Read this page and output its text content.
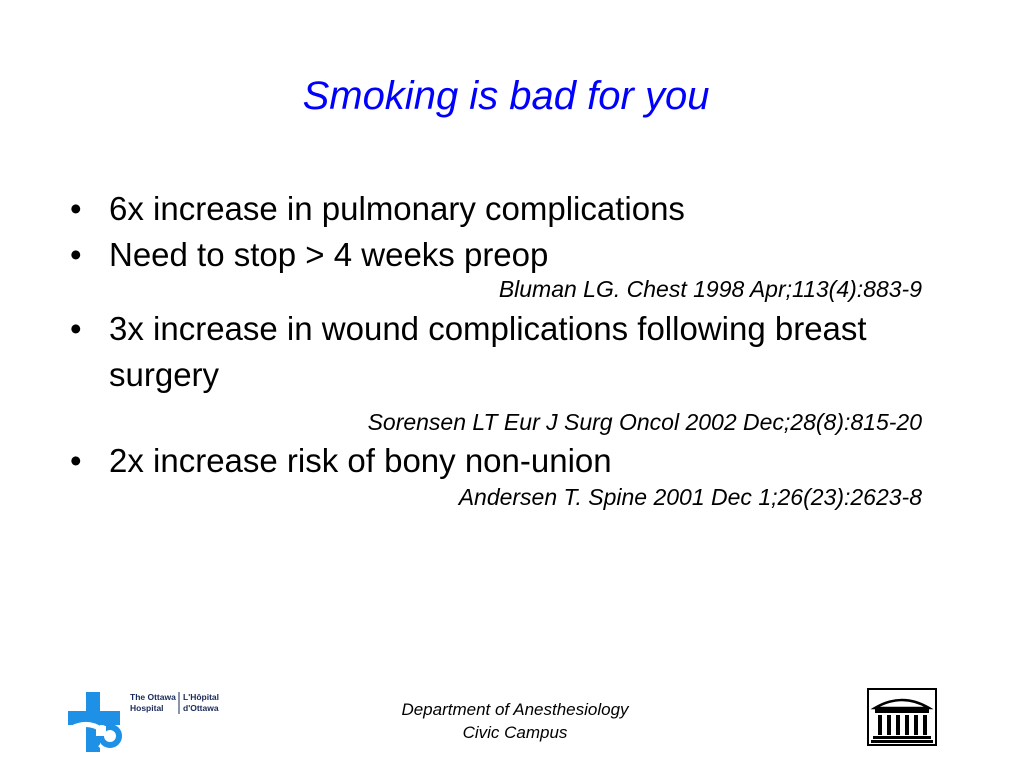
Smoking is bad for you
• 6x increase in pulmonary complications
• Need to stop > 4 weeks preop
Bluman LG. Chest 1998 Apr;113(4):883-9
• 3x increase in wound complications following breast surgery
Sorensen LT Eur J Surg Oncol 2002 Dec;28(8):815-20
• 2x increase risk of bony non-union
Andersen T. Spine 2001 Dec 1;26(23):2623-8
The Ottawa
Hospital
L'Hôpital
d'Ottawa	Department of Anesthesiology
Civic Campus
